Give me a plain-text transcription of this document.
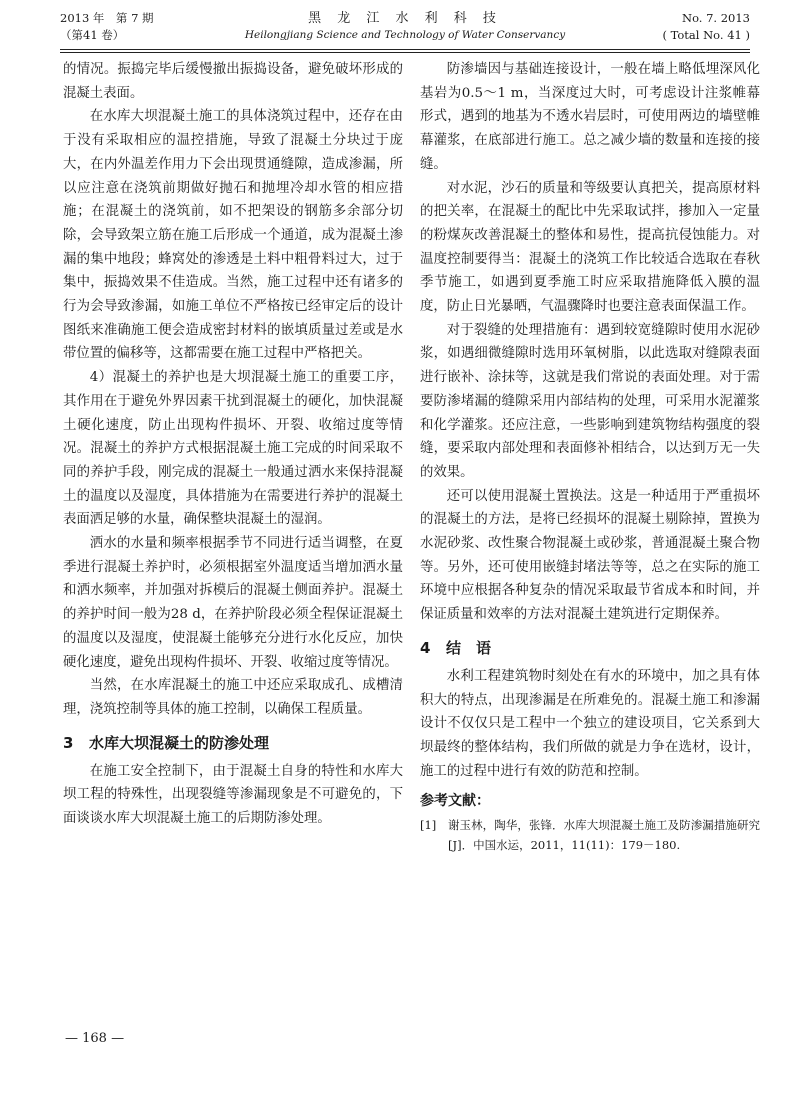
2013 年　第 7 期
（第41 卷）
黑 龙 江 水 利 科 技
Heilongjiang Science and Technology of Water Conservancy
No. 7. 2013
( Total No. 41 )

的情况。振捣完毕后缓慢撤出振捣设备，避免破坏形成的混凝土表面。

在水库大坝混凝土施工的具体浇筑过程中，还存在由于没有采取相应的温控措施，导致了混凝土分块过于庞大，在内外温差作用力下会出现贯通缝隙，造成渗漏，所以应注意在浇筑前期做好抛石和抛埋冷却水管的相应措施；在混凝土的浇筑前，如不把架设的钢筋多余部分切除，会导致架立筋在施工后形成一个通道，成为混凝土渗漏的集中地段；蜂窝处的渗透是土料中粗骨料过大，过于集中，振捣效果不佳造成。当然，施工过程中还有诸多的行为会导致渗漏，如施工单位不严格按已经审定后的设计图纸来准确施工便会造成密封材料的嵌填质量过差或是水带位置的偏移等，这都需要在施工过程中严格把关。

4）混凝土的养护也是大坝混凝土施工的重要工序，其作用在于避免外界因素干扰到混凝土的硬化，加快混凝土硬化速度，防止出现构件损坏、开裂、收缩过度等情况。混凝土的养护方式根据混凝土施工完成的时间采取不同的养护手段，刚完成的混凝土一般通过洒水来保持混凝土的温度以及湿度，具体措施为在需要进行养护的混凝土表面洒足够的水量，确保整块混凝土的湿润。

洒水的水量和频率根据季节不同进行适当调整，在夏季进行混凝土养护时，必须根据室外温度适当增加洒水量和洒水频率，并加强对拆模后的混凝土侧面养护。混凝土的养护时间一般为28 d，在养护阶段必须全程保证混凝土的温度以及湿度，使混凝土能够充分进行水化反应，加快硬化速度，避免出现构件损坏、开裂、收缩过度等情况。

当然，在水库混凝土的施工中还应采取成孔、成槽清理，浇筑控制等具体的施工控制，以确保工程质量。

3 水库大坝混凝土的防渗处理

在施工安全控制下，由于混凝土自身的特性和水库大坝工程的特殊性，出现裂缝等渗漏现象是不可避免的，下面谈谈水库大坝混凝土施工的后期防渗处理。

防渗墙因与基础连接设计，一般在墙上略低埋深风化基岩为0.5～1 m，当深度过大时，可考虑设计注浆帷幕形式，遇到的地基为不透水岩层时，可使用两边的墙壁帷幕灌浆，在底部进行施工。总之减少墙的数量和连接的接缝。

对水泥，沙石的质量和等级要认真把关，提高原材料的把关率，在混凝土的配比中先采取试拌，掺加入一定量的粉煤灰改善混凝土的整体和易性，提高抗侵蚀能力。对温度控制要得当：混凝土的浇筑工作比较适合选取在春秋季节施工，如遇到夏季施工时应采取措施降低入膜的温度，防止日光暴晒，气温骤降时也要注意表面保温工作。

对于裂缝的处理措施有：遇到较宽缝隙时使用水泥砂浆，如遇细微缝隙时选用环氧树脂，以此选取对缝隙表面进行嵌补、涂抹等，这就是我们常说的表面处理。对于需要防渗堵漏的缝隙采用内部结构的处理，可采用水泥灌浆和化学灌浆。还应注意，一些影响到建筑物结构强度的裂缝，要采取内部处理和表面修补相结合，以达到万无一失的效果。

还可以使用混凝土置换法。这是一种适用于严重损坏的混凝土的方法，是将已经损坏的混凝土剔除掉，置换为水泥砂浆、改性聚合物混凝土或砂浆，普通混凝土聚合物等。另外，还可使用嵌缝封堵法等等，总之在实际的施工环境中应根据各种复杂的情况采取最节省成本和时间，并保证质量和效率的方法对混凝土建筑进行定期保养。

4 结　语

水利工程建筑物时刻处在有水的环境中，加之具有体积大的特点，出现渗漏是在所难免的。混凝土施工和渗漏设计不仅仅只是工程中一个独立的建设项目，它关系到大坝最终的整体结构，我们所做的就是力争在选材，设计，施工的过程中进行有效的防范和控制。

参考文献：

[1] 谢玉林，陶华，张锋．水库大坝混凝土施工及防渗漏措施研究[J]．中国水运，2011，11(11)：179－180.

— 168 —
